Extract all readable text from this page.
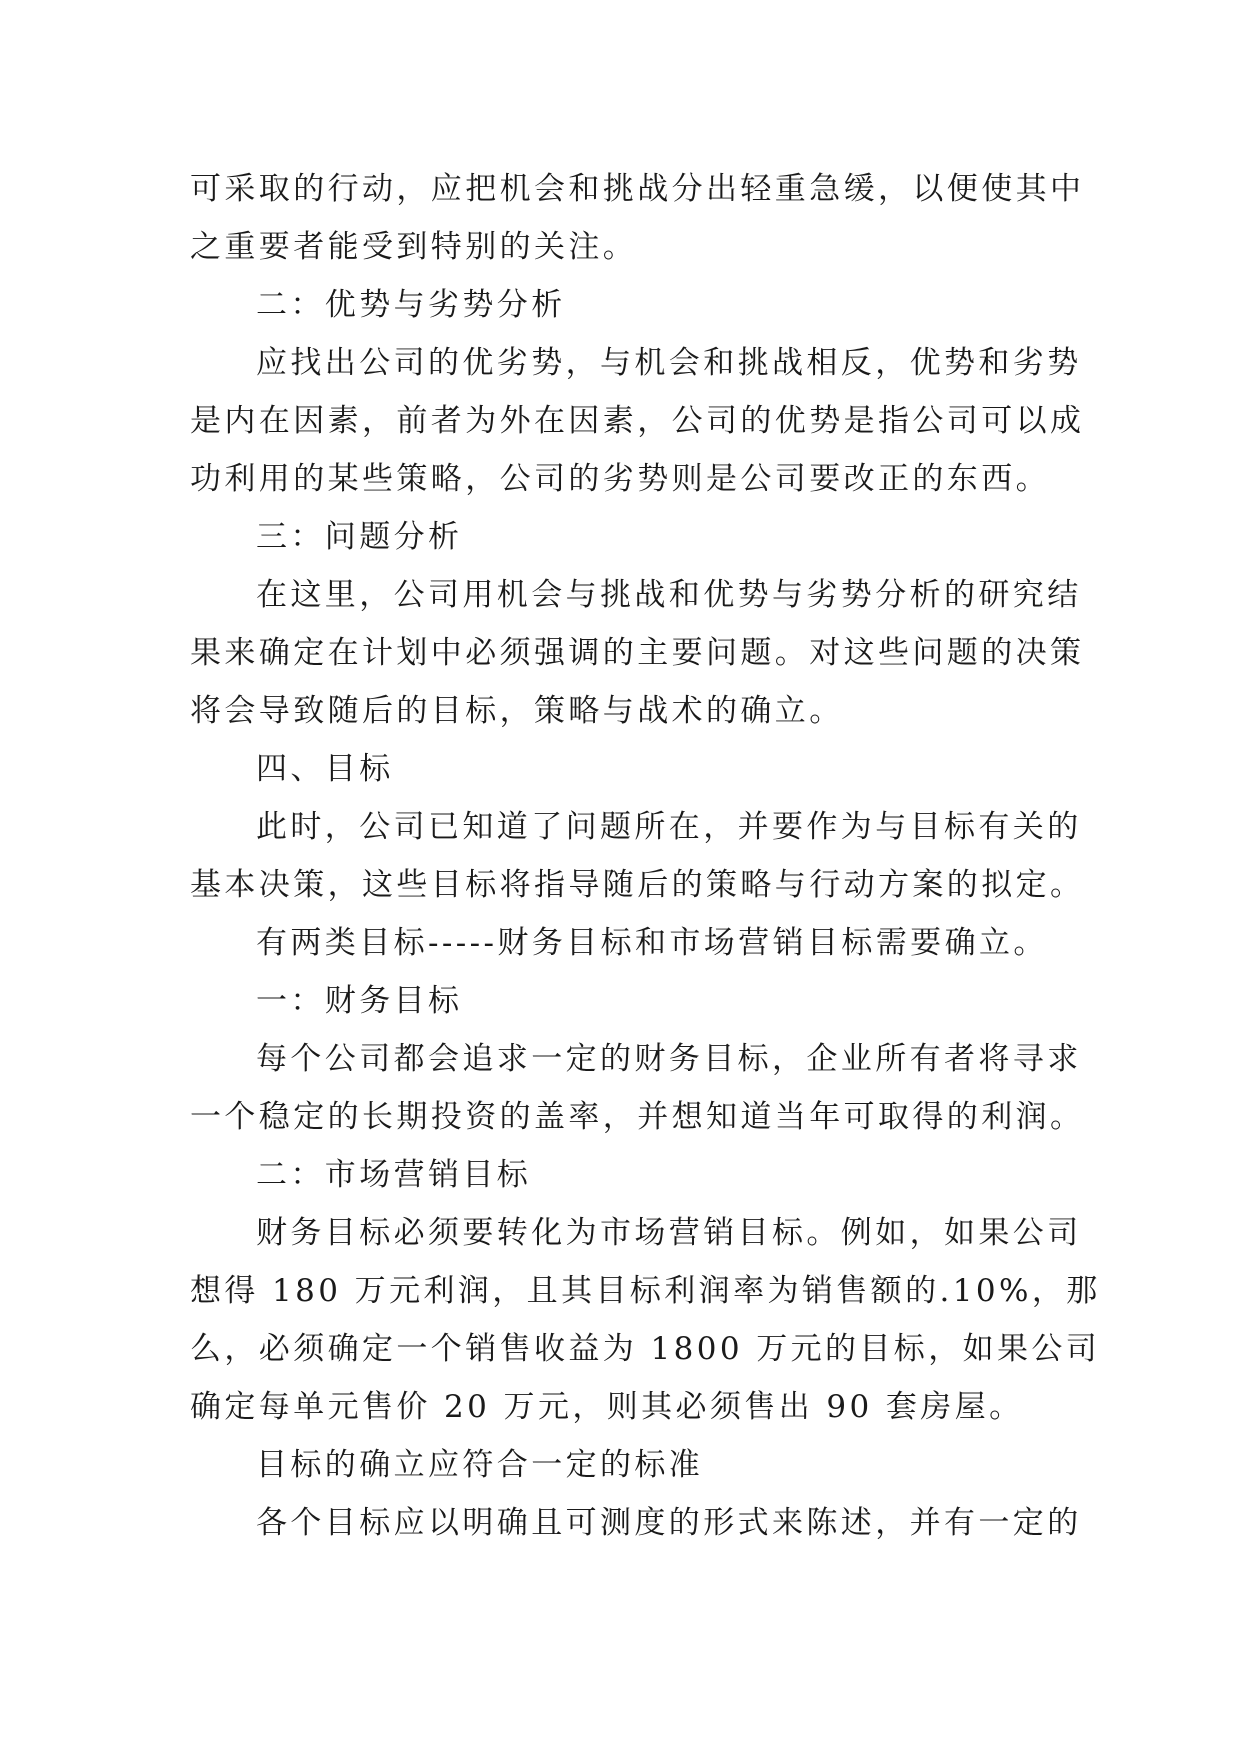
可采取的行动，应把机会和挑战分出轻重急缓，以便使其中

之重要者能受到特别的关注。

二：优势与劣势分析

应找出公司的优劣势，与机会和挑战相反，优势和劣势

是内在因素，前者为外在因素，公司的优势是指公司可以成

功利用的某些策略，公司的劣势则是公司要改正的东西。

三：问题分析

在这里，公司用机会与挑战和优势与劣势分析的研究结

果来确定在计划中必须强调的主要问题。对这些问题的决策

将会导致随后的目标，策略与战术的确立。

四、目标

此时，公司已知道了问题所在，并要作为与目标有关的

基本决策，这些目标将指导随后的策略与行动方案的拟定。

有两类目标-----财务目标和市场营销目标需要确立。

一：财务目标

每个公司都会追求一定的财务目标，企业所有者将寻求

一个稳定的长期投资的盖率，并想知道当年可取得的利润。

二：市场营销目标

财务目标必须要转化为市场营销目标。例如，如果公司

想得 180 万元利润，且其目标利润率为销售额的.10%，那

么，必须确定一个销售收益为 1800 万元的目标，如果公司

确定每单元售价 20 万元，则其必须售出 90 套房屋。

目标的确立应符合一定的标准

各个目标应以明确且可测度的形式来陈述，并有一定的
